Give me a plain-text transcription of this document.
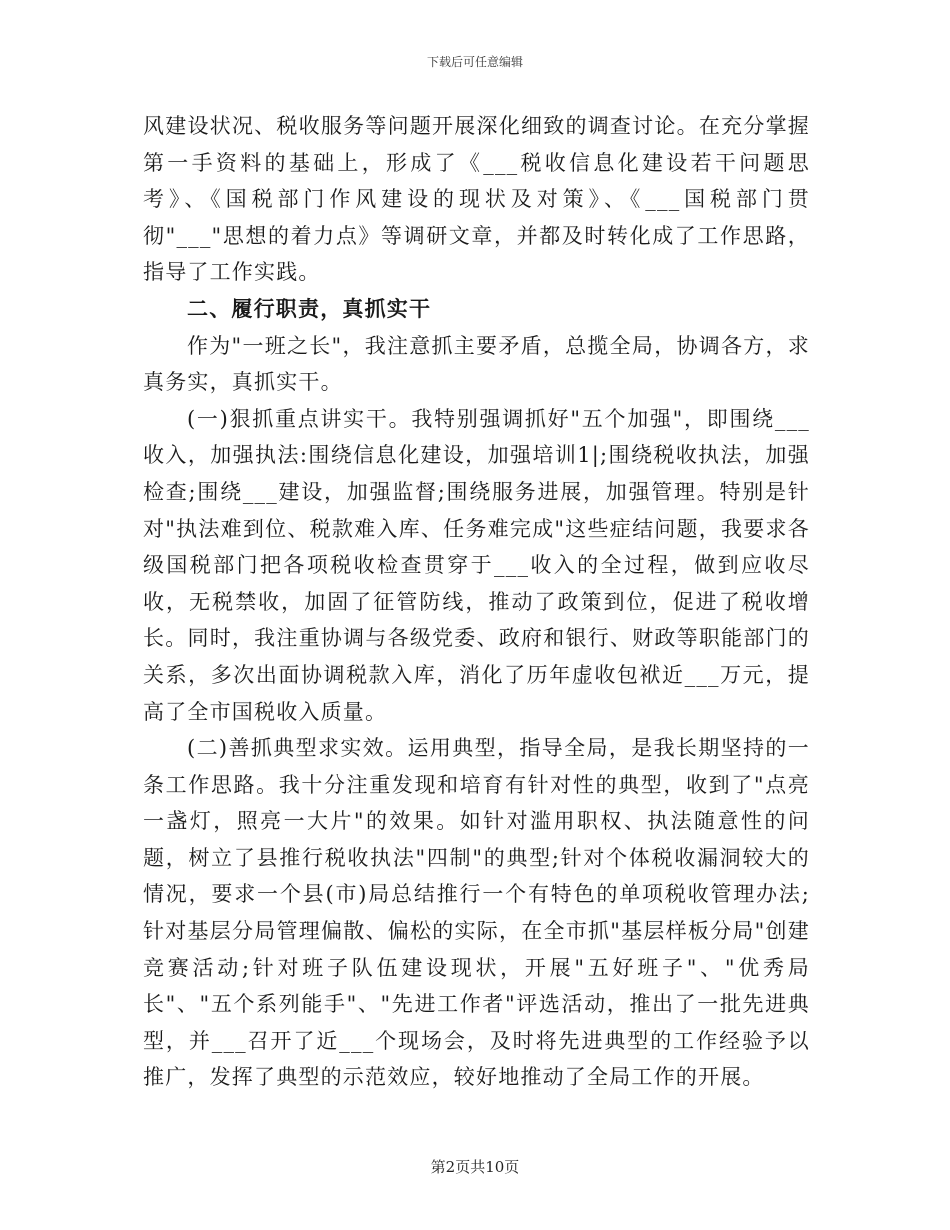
下载后可任意编辑

风建设状况、税收服务等问题开展深化细致的调查讨论。在充分掌握第一手资料的基础上，形成了《___税收信息化建设若干问题思考》、《国税部门作风建设的现状及对策》、《___国税部门贯彻"___"思想的着力点》等调研文章，并都及时转化成了工作思路，指导了工作实践。

二、履行职责，真抓实干

作为"一班之长"，我注意抓主要矛盾，总揽全局，协调各方，求真务实，真抓实干。

(一)狠抓重点讲实干。我特别强调抓好"五个加强"，即围绕___收入，加强执法:围绕信息化建设，加强培训1|;围绕税收执法，加强检查;围绕___建设，加强监督;围绕服务进展，加强管理。特别是针对"执法难到位、税款难入库、任务难完成"这些症结问题，我要求各级国税部门把各项税收检查贯穿于___收入的全过程，做到应收尽收，无税禁收，加固了征管防线，推动了政策到位，促进了税收增长。同时，我注重协调与各级党委、政府和银行、财政等职能部门的关系，多次出面协调税款入库，消化了历年虚收包袱近___万元，提高了全市国税收入质量。

(二)善抓典型求实效。运用典型，指导全局，是我长期坚持的一条工作思路。我十分注重发现和培育有针对性的典型，收到了"点亮一盏灯，照亮一大片"的效果。如针对滥用职权、执法随意性的问题，树立了县推行税收执法"四制"的典型;针对个体税收漏洞较大的情况，要求一个县(市)局总结推行一个有特色的单项税收管理办法;针对基层分局管理偏散、偏松的实际，在全市抓"基层样板分局"创建竞赛活动;针对班子队伍建设现状，开展"五好班子"、"优秀局长"、"五个系列能手"、"先进工作者"评选活动，推出了一批先进典型，并___召开了近___个现场会，及时将先进典型的工作经验予以推广，发挥了典型的示范效应，较好地推动了全局工作的开展。

第2页共10页
